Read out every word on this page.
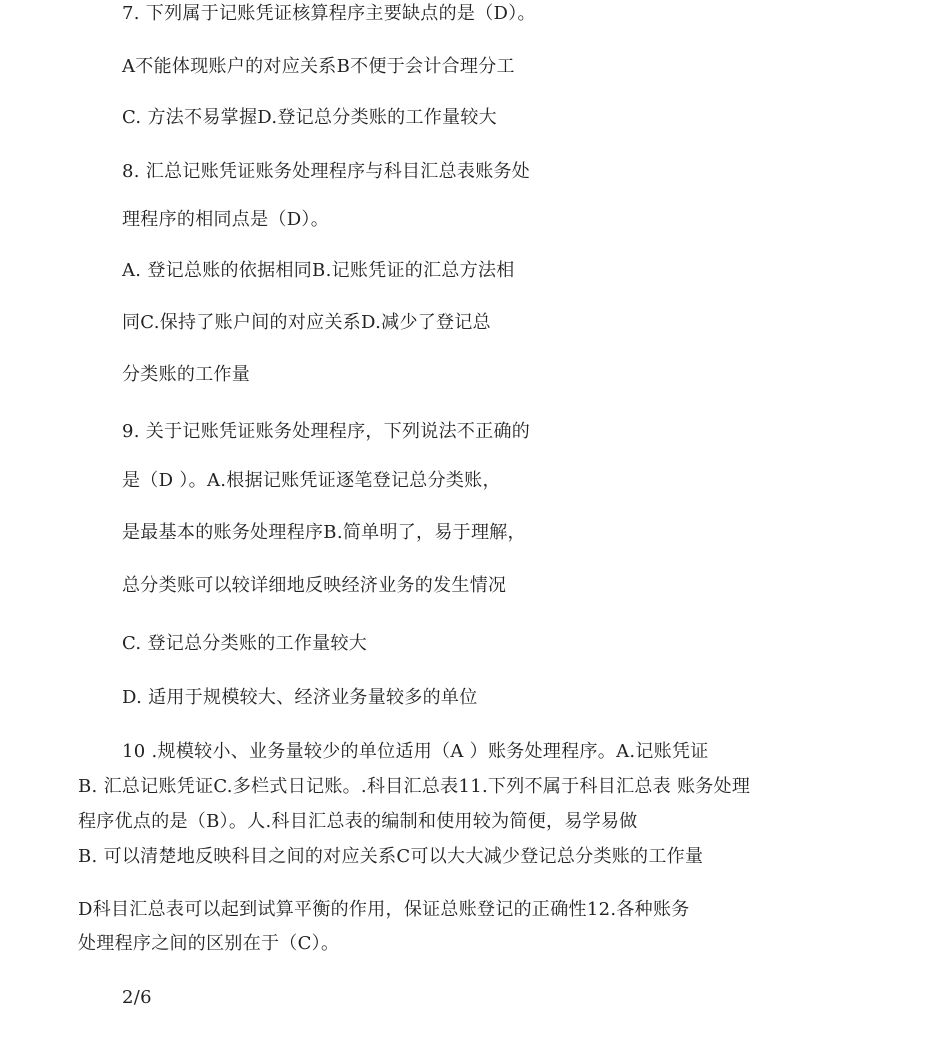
7. 下列属于记账凭证核算程序主要缺点的是（D）。
A不能体现账户的对应关系B不便于会计合理分工
C. 方法不易掌握D.登记总分类账的工作量较大
8. 汇总记账凭证账务处理程序与科目汇总表账务处
理程序的相同点是（D）。
A. 登记总账的依据相同B.记账凭证的汇总方法相
同C.保持了账户间的对应关系D.减少了登记总
分类账的工作量
9. 关于记账凭证账务处理程序，下列说法不正确的
是（D ）。A.根据记账凭证逐笔登记总分类账，
是最基本的账务处理程序B.简单明了，易于理解，
总分类账可以较详细地反映经济业务的发生情况
C. 登记总分类账的工作量较大
D. 适用于规模较大、经济业务量较多的单位
10 .规模较小、业务量较少的单位适用（A ）账务处理程序。A.记账凭证
B. 汇总记账凭证C.多栏式日记账。.科目汇总表11.下列不属于科目汇总表 账务处理
程序优点的是（B）。人.科目汇总表的编制和使用较为简便，易学易做
B. 可以清楚地反映科目之间的对应关系C可以大大减少登记总分类账的工作量
D科目汇总表可以起到试算平衡的作用，保证总账登记的正确性12.各种账务
处理程序之间的区别在于（C）。
2/6
